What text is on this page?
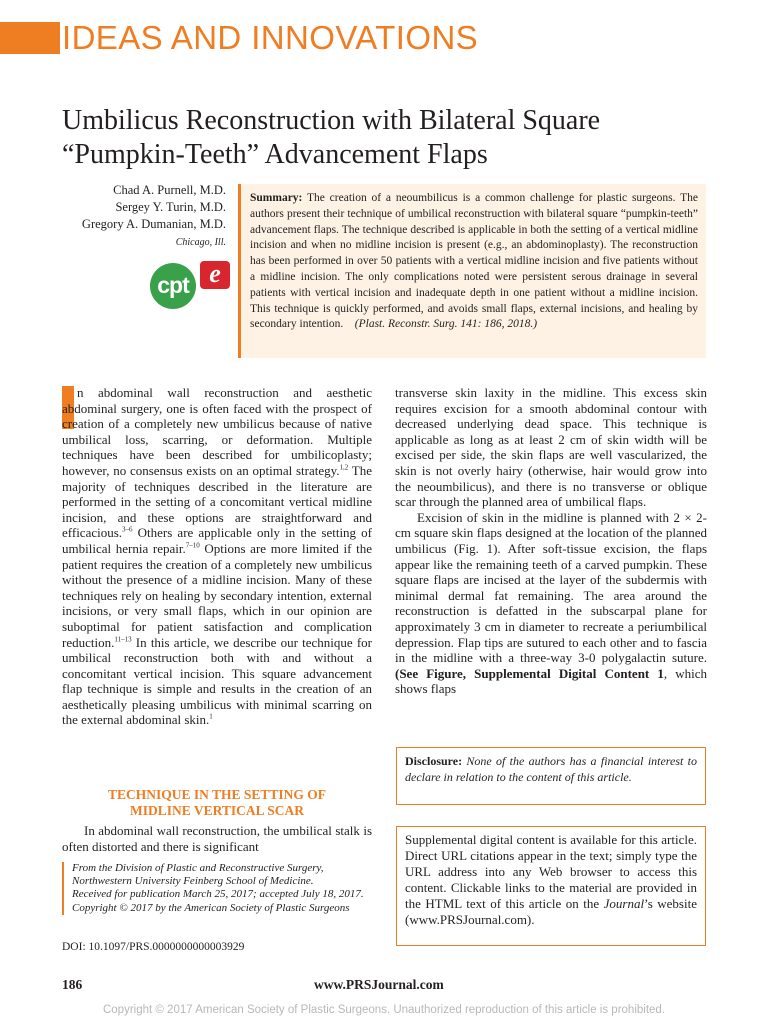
IDEAS AND INNOVATIONS
Umbilicus Reconstruction with Bilateral Square
“Pumpkin-Teeth” Advancement Flaps
Chad A. Purnell, M.D.
Sergey Y. Turin, M.D.
Gregory A. Dumanian, M.D.
Chicago, Ill.
cpt e
Summary: The creation of a neoumbilicus is a common challenge for plastic surgeons. The authors present their technique of umbilical reconstruction with bilateral square “pumpkin-teeth” advancement flaps. The technique described is applicable in both the setting of a vertical midline incision and when no midline incision is present (e.g., an abdominoplasty). The reconstruction has been performed in over 50 patients with a vertical midline incision and five patients without a midline incision. The only complications noted were persistent serous drainage in several patients with vertical incision and inadequate depth in one patient without a midline incision. This technique is quickly performed, and avoids small flaps, external incisions, and healing by secondary intention. (Plast. Reconstr. Surg. 141: 186, 2018.)

n abdominal wall reconstruction and aesthetic abdominal surgery, one is often faced with the prospect of creation of a completely new umbilicus because of native umbilical loss, scarring, or deformation. Multiple techniques have been described for umbilicoplasty; however, no consensus exists on an optimal strategy.$^{1,2}$ The majority of techniques described in the literature are performed in the setting of a concomitant vertical midline incision, and these options are straightforward and efficacious.$^{3-6}$ Others are applicable only in the setting of umbilical hernia repair.$^{7-10}$ Options are more limited if the patient requires the creation of a completely new umbilicus without the presence of a midline incision. Many of these techniques rely on healing by secondary intention, external incisions, or very small flaps, which in our opinion are suboptimal for patient satisfaction and complication reduction.$^{11-13}$ In this article, we describe our technique for umbilical reconstruction both with and without a concomitant vertical incision. This square advancement flap technique is simple and results in the creation of an aesthetically pleasing umbilicus with minimal scarring on the external abdominal skin.$^1$

TECHNIQUE IN THE SETTING OF
MIDLINE VERTICAL SCAR

In abdominal wall reconstruction, the umbilical stalk is often distorted and there is significant

From the Division of Plastic and Reconstructive Surgery, Northwestern University Feinberg School of Medicine.
Received for publication March 25, 2017; accepted July 18, 2017.
Copyright © 2017 by the American Society of Plastic Surgeons
DOI: 10.1097/PRS.0000000000003929

transverse skin laxity in the midline. This excess skin requires excision for a smooth abdominal contour with decreased underlying dead space. This technique is applicable as long as at least 2 cm of skin width will be excised per side, the skin flaps are well vascularized, the skin is not overly hairy (otherwise, hair would grow into the neoumbilicus), and there is no transverse or oblique scar through the planned area of umbilical flaps.

Excision of skin in the midline is planned with 2 × 2-cm square skin flaps designed at the location of the planned umbilicus (Fig. 1). After soft-tissue excision, the flaps appear like the remaining teeth of a carved pumpkin. These square flaps are incised at the layer of the subdermis with minimal dermal fat remaining. The area around the reconstruction is defatted in the subscarpal plane for approximately 3 cm in diameter to recreate a periumbilical depression. Flap tips are sutured to each other and to fascia in the midline with a three-way 3-0 polygalactin suture. (See Figure, Supplemental Digital Content 1, which shows flaps

Disclosure: None of the authors has a financial interest to declare in relation to the content of this article.
Supplemental digital content is available for this article. Direct URL citations appear in the text; simply type the URL address into any Web browser to access this content. Clickable links to the material are provided in the HTML text of this article on the Journal’s website (www.PRSJournal.com).
186	www.PRSJournal.com
Copyright © 2017 American Society of Plastic Surgeons. Unauthorized reproduction of this article is prohibited.
